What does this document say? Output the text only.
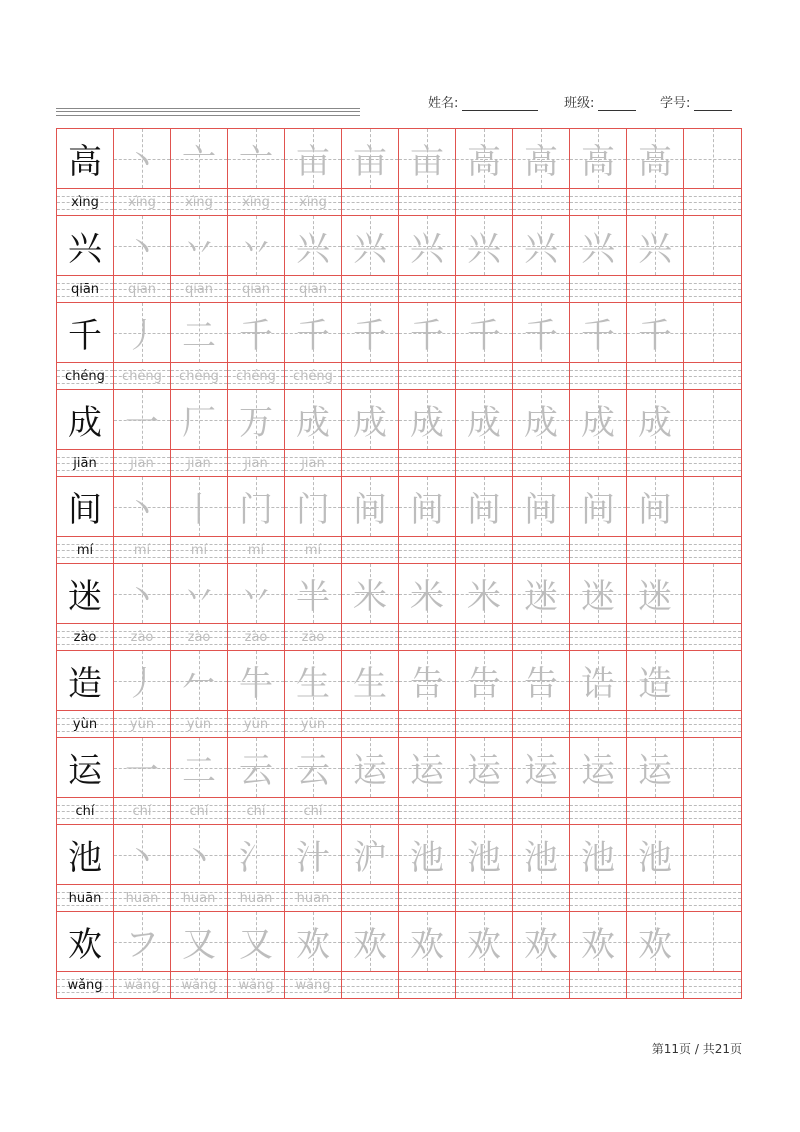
姓名:	班级:	学号:
高 丶 亠 亠 亩 亩 亩 高 高 高 高
xìng	xìng	xìng	xìng	xìng
兴 丶 丷 丷 兴 兴 兴 兴 兴 兴 兴
qiān	qiān	qiān	qiān	qiān
千 丿 二 千 千 千 千 千 千 千 千
chéng	chéng	chéng	chéng	chéng
成 一 厂 万 成 成 成 成 成 成 成
jiān	jiān	jiān	jiān	jiān
间 丶 丨 门 门 间 间 间 间 间 间
mí	mí	mí	mí	mí
迷 丶 丷 丷 半 米 米 米 迷 迷 迷
zào	zào	zào	zào	zào
造 丿 𠂉 牛 生 生 告 告 告 诰 造
yùn	yùn	yùn	yùn	yùn
运 一 二 云 云 运 运 运 运 运 运
chí	chí	chí	chí	chí
池 丶 丶 氵 汁 沪 池 池 池 池 池
huān	huān	huān	huān	huān
欢 フ 又 又 欢 欢 欢 欢 欢 欢 欢
wǎng	wǎng	wǎng	wǎng	wǎng
第11页 / 共21页
